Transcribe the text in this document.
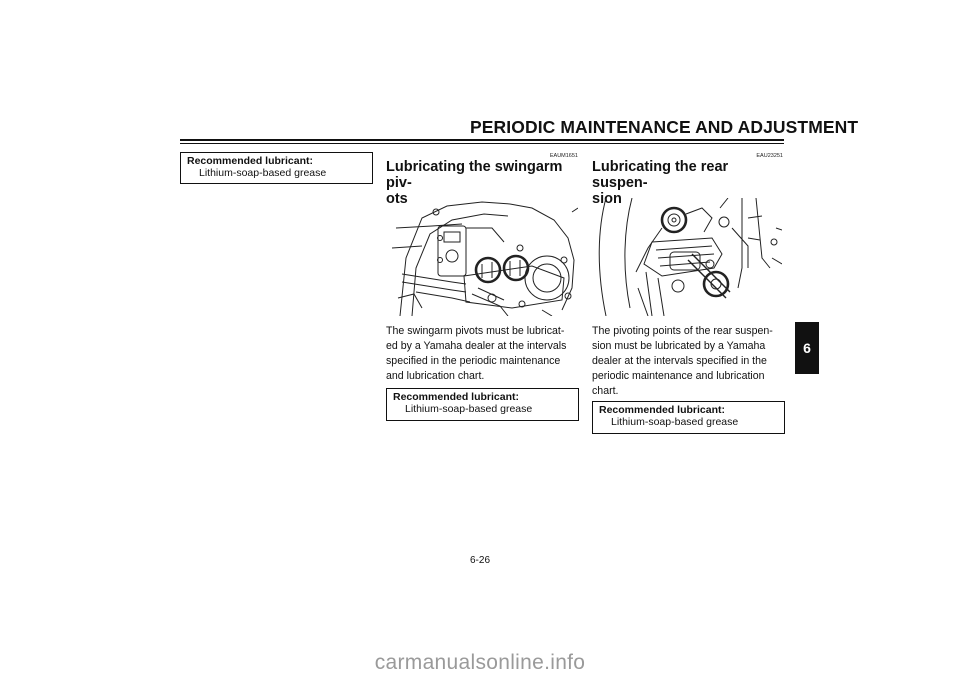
PERIODIC MAINTENANCE AND ADJUSTMENT
6
Recommended lubricant:
Lithium-soap-based grease
EAUM1651
Lubricating the swingarm piv-
ots
The swingarm pivots must be lubricat-
ed by a Yamaha dealer at the intervals
specified in the periodic maintenance
and lubrication chart.
Recommended lubricant:
Lithium-soap-based grease
EAU23251
Lubricating the rear suspen-
sion
The pivoting points of the rear suspen-
sion must be lubricated by a Yamaha
dealer at the intervals specified in the
periodic maintenance and lubrication
chart.
Recommended lubricant:
Lithium-soap-based grease
6-26
carmanualsonline.info
